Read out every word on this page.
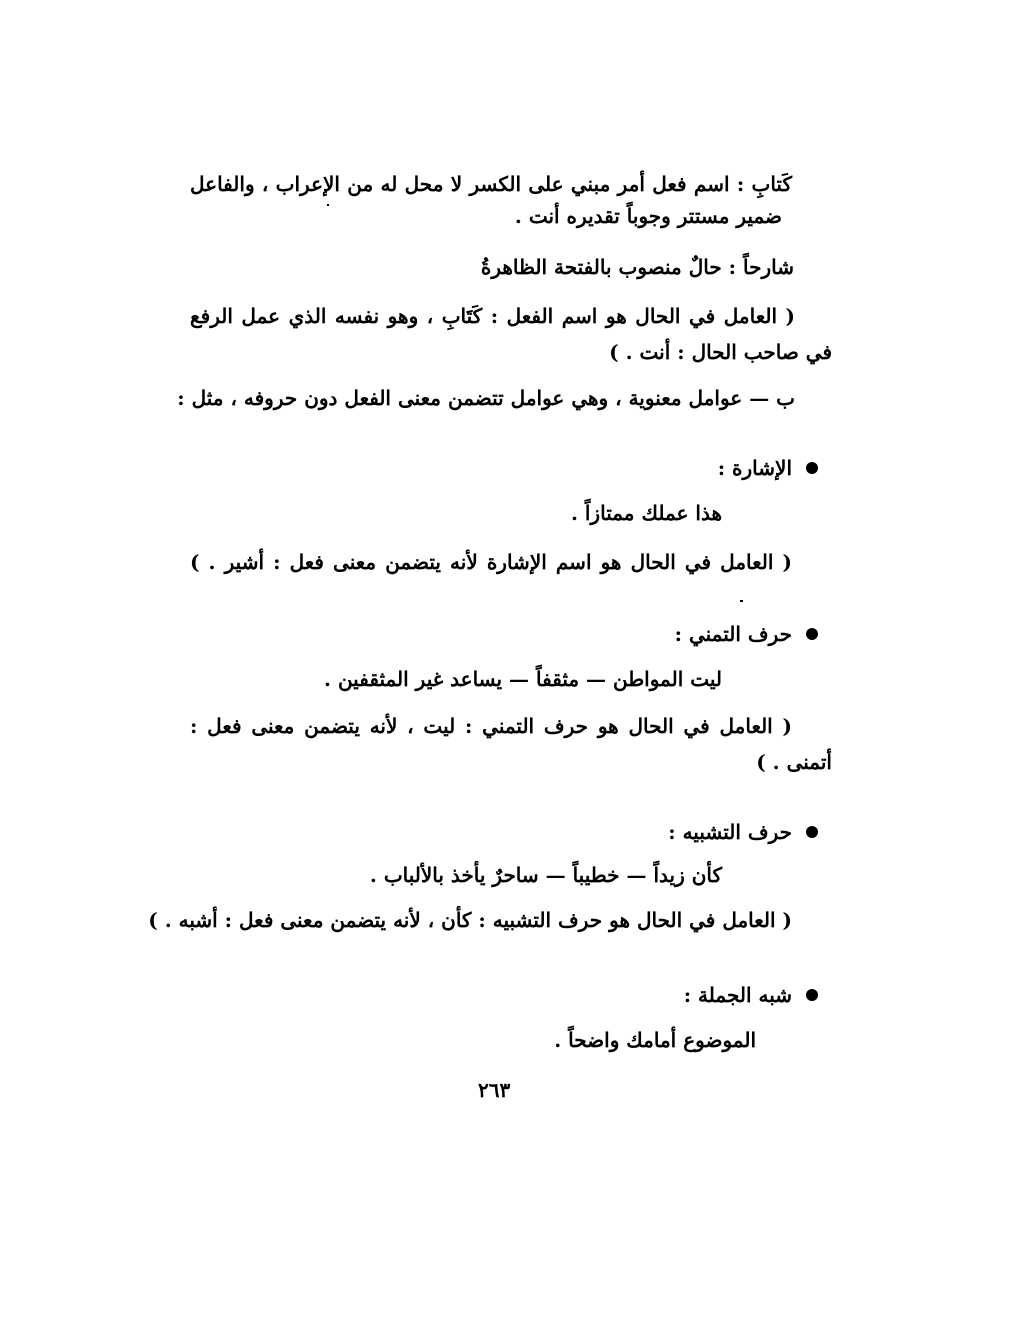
كَتابِ : اسم فعل أمر مبني على الكسر لا محل له من الإعراب ، والفاعل
ضمير مستتر وجوباً تقديره أنت .
شارحاً : حالٌ منصوب بالفتحة الظاهرةُ
( العامل في الحال هو اسم الفعل : كَتَابِ ، وهو نفسه الذي عمل الرفع
في صاحب الحال : أنت . )
ب — عوامل معنوية ، وهي عوامل تتضمن معنى الفعل دون حروفه ، مثل :
الإشارة :
هذا عملك ممتازاً .
( العامل في الحال هو اسم الإشارة لأنه يتضمن معنى فعل : أشير . )
حرف التمني :
ليت المواطن — مثقفاً — يساعد غير المثقفين .
( العامل في الحال هو حرف التمني : ليت ، لأنه يتضمن معنى فعل :
أتمنى . )
حرف التشبيه :
كأن زيداً — خطيباً — ساحرٌ يأخذ بالألباب .
( العامل في الحال هو حرف التشبيه : كأن ، لأنه يتضمن معنى فعل : أشبه . )
شبه الجملة :
الموضوع أمامك واضحاً .
٢٦٣
